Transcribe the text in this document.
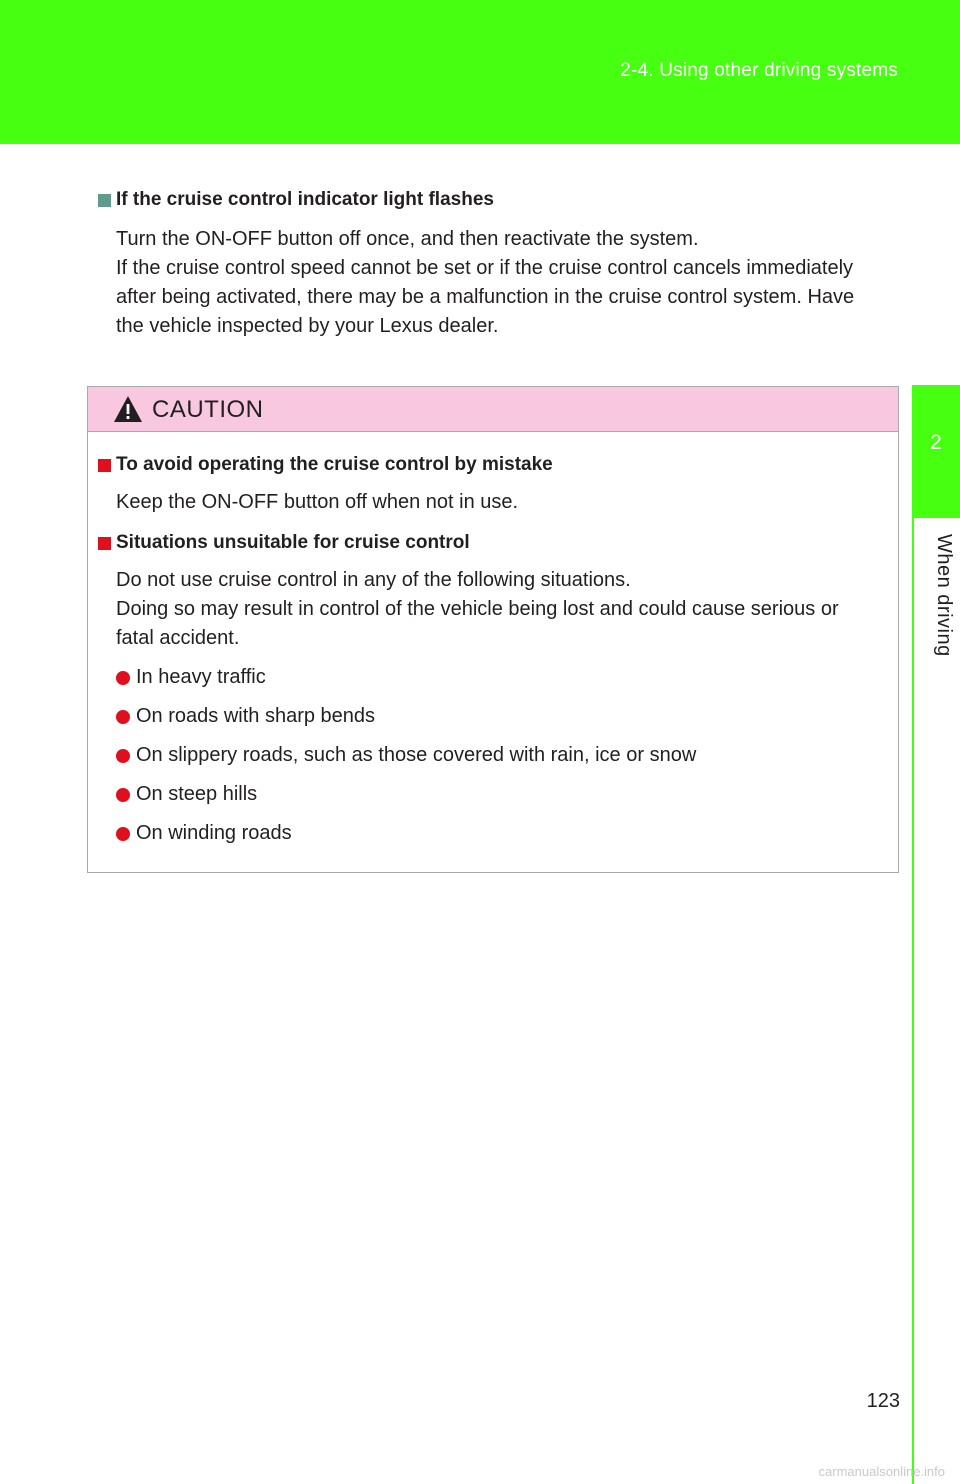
2-4. Using other driving systems
2
When driving
If the cruise control indicator light flashes
Turn the ON-OFF button off once, and then reactivate the system.
If the cruise control speed cannot be set or if the cruise control cancels immediately
after being activated, there may be a malfunction in the cruise control system. Have
the vehicle inspected by your Lexus dealer.
CAUTION
To avoid operating the cruise control by mistake
Keep the ON-OFF button off when not in use.
Situations unsuitable for cruise control
Do not use cruise control in any of the following situations.
Doing so may result in control of the vehicle being lost and could cause serious or
fatal accident.
In heavy traffic
On roads with sharp bends
On slippery roads, such as those covered with rain, ice or snow
On steep hills
On winding roads
123
carmanualsonline.info
